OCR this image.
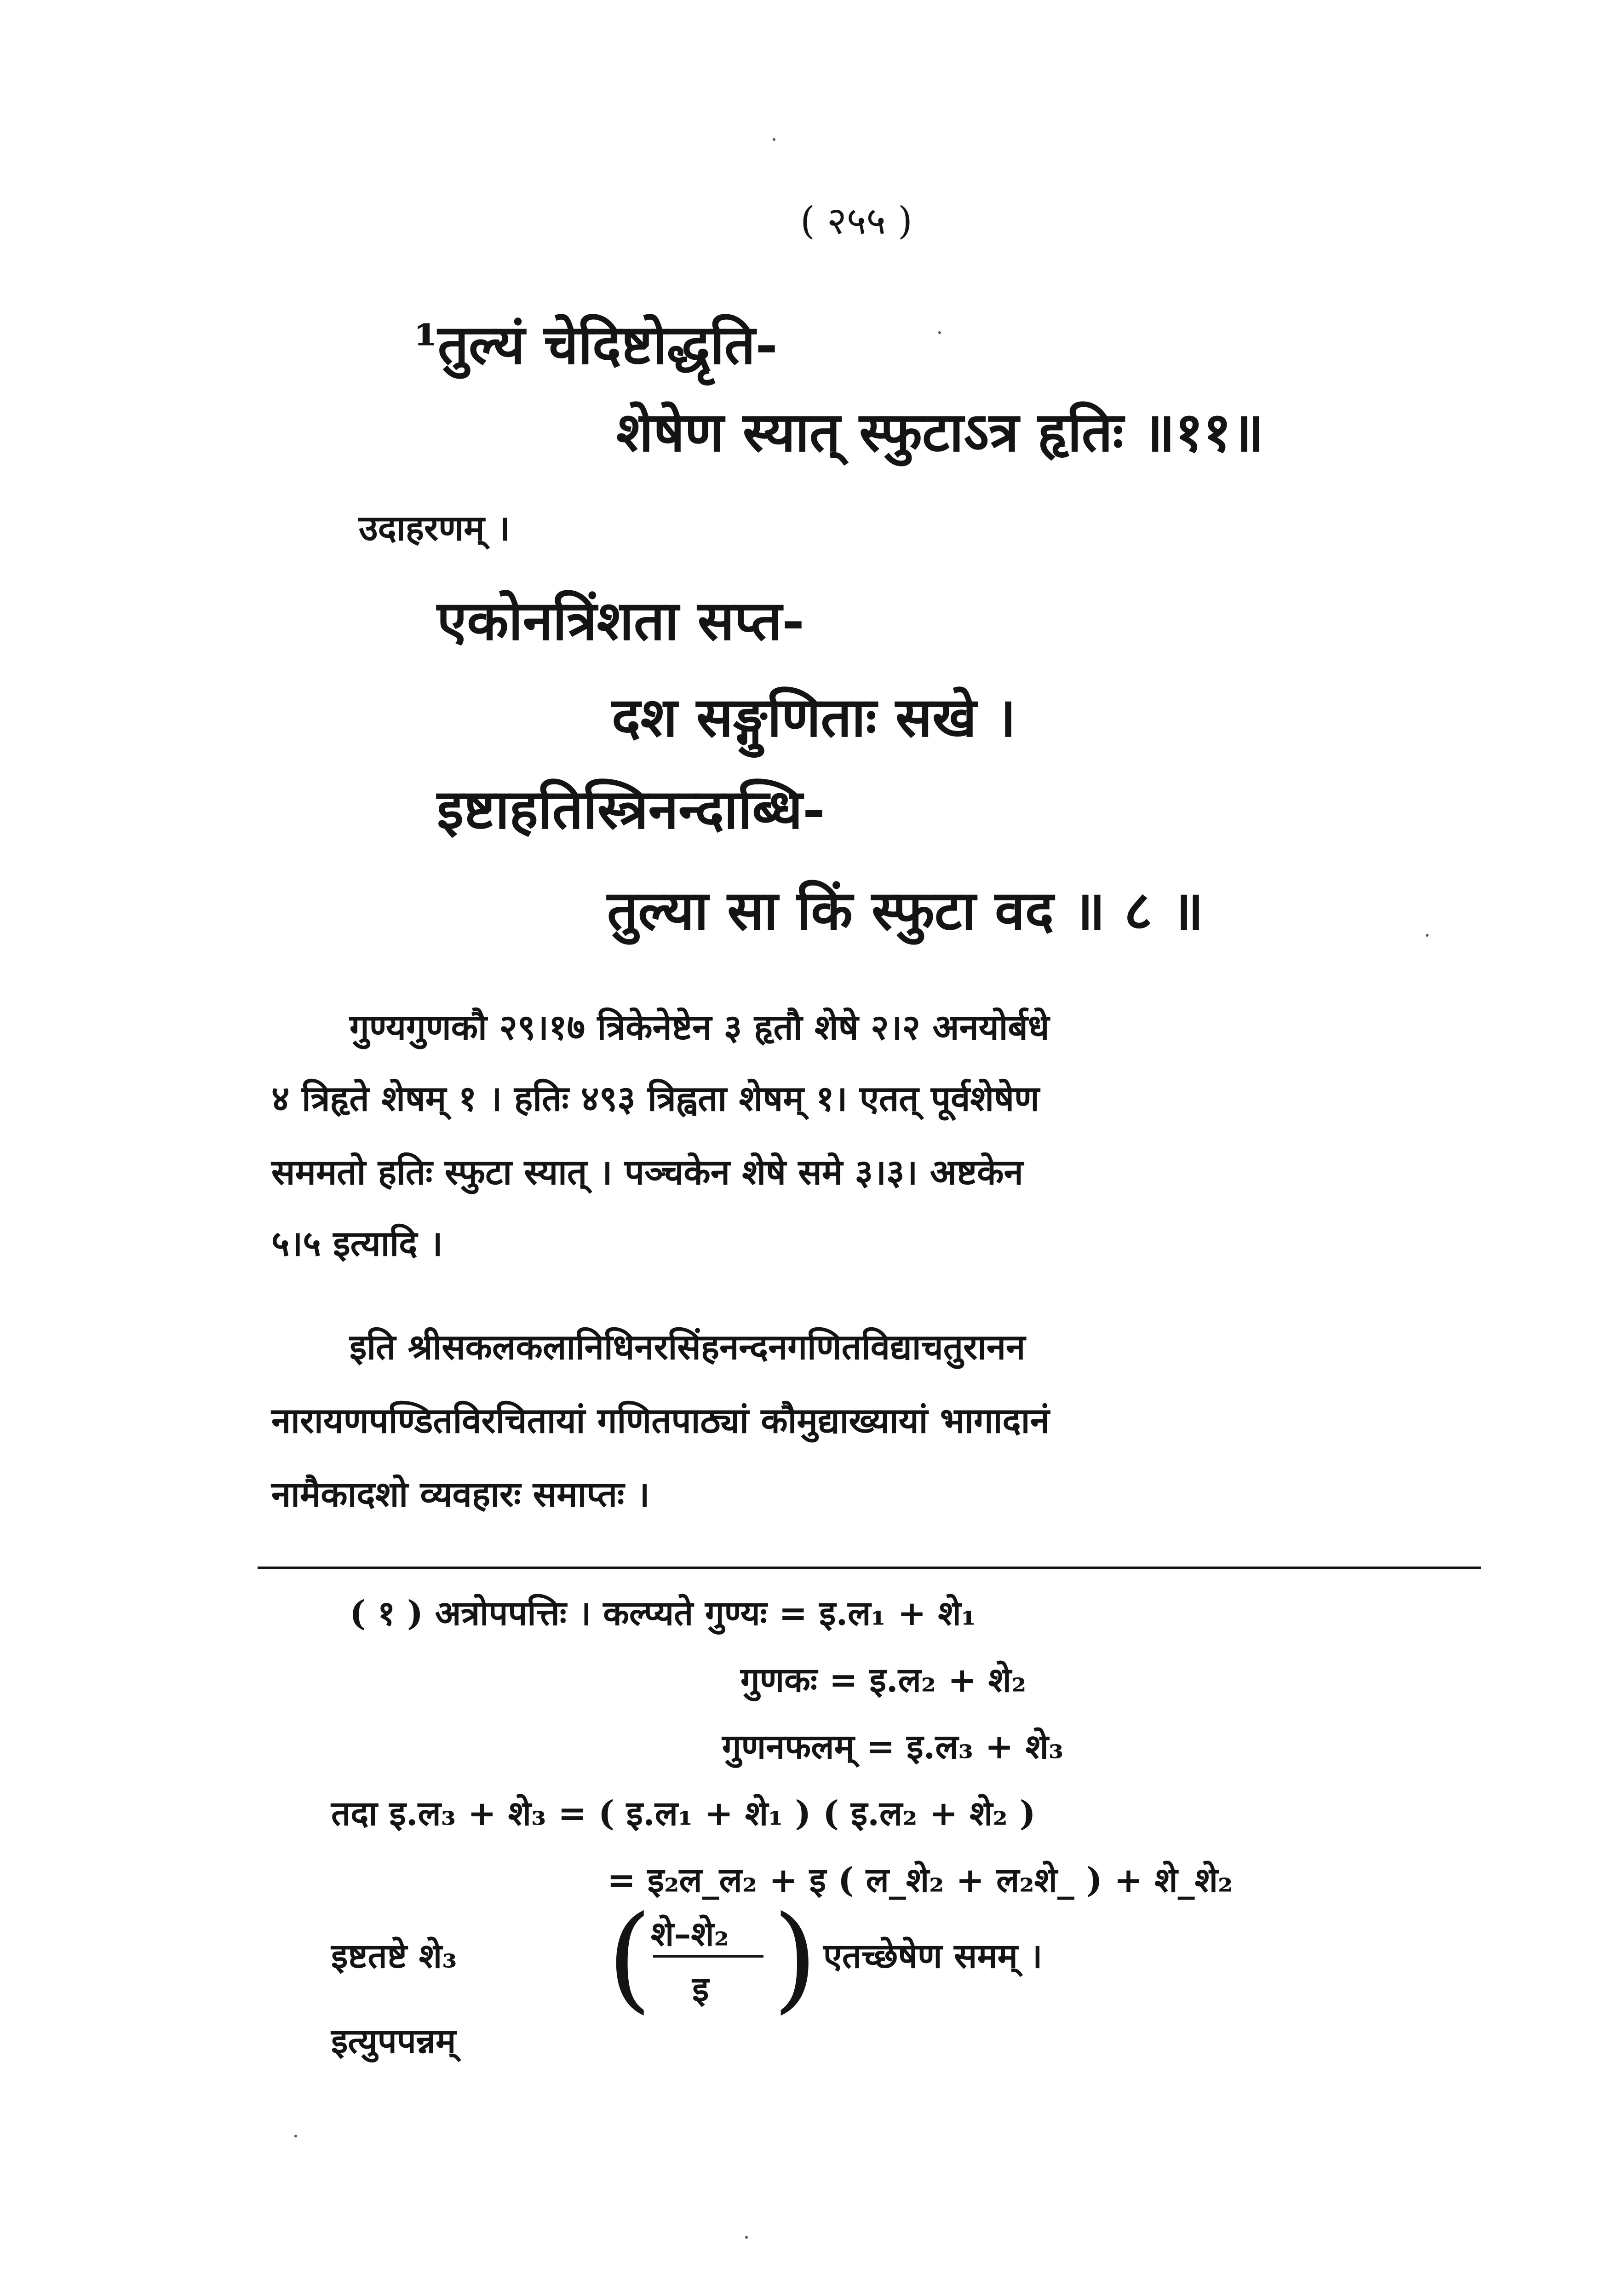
( २५५ )
¹तुल्यं चेदिष्टोद्धृति-
शेषेण स्यात् स्फुटाऽत्र हृतिः ॥११॥
उदाहरणम् ।
एकोनत्रिंशता सप्त-
दश सङ्गुणिताः सखे ।
इष्टाहतिस्त्रिनन्दाब्धि-
तुल्या सा किं स्फुटा वद ॥ ८ ॥
गुण्यगुणकौ २९।१७ त्रिकेनेष्टेन ३ हृतौ शेषे २।२ अनयोर्बधे
४ त्रिहृते शेषम् १ । हतिः ४९३ त्रिह्वता शेषम् १। एतत् पूर्वशेषेण
सममतो हतिः स्फुटा स्यात् । पञ्चकेन शेषे समे ३।३। अष्टकेन
५।५ इत्यादि ।
इति श्रीसकलकलानिधिनरसिंहनन्दनगणितविद्याचतुरानन
नारायणपण्डितविरचितायां गणितपाठ्यां कौमुद्याख्यायां भागादानं
नामैकादशो व्यवहारः समाप्तः ।
( १ ) अत्रोपपत्तिः । कल्प्यते गुण्यः = इ.ल₁ + शे₁
गुणकः = इ.ल₂ + शे₂
गुणनफलम् = इ.ल₃ + शे₃
तदा इ.ल₃ + शे₃ = ( इ.ल₁ + शे₁ ) ( इ.ल₂ + शे₂ )
= इ₂ल_ल₂ + इ ( ल_शे₂ + ल₂शे_ ) + शे_शे₂
इष्टतष्टे शे₃ (
शे–शे₂
इ ) एतच्छेषेण समम् ।
इत्युपपन्नम्
